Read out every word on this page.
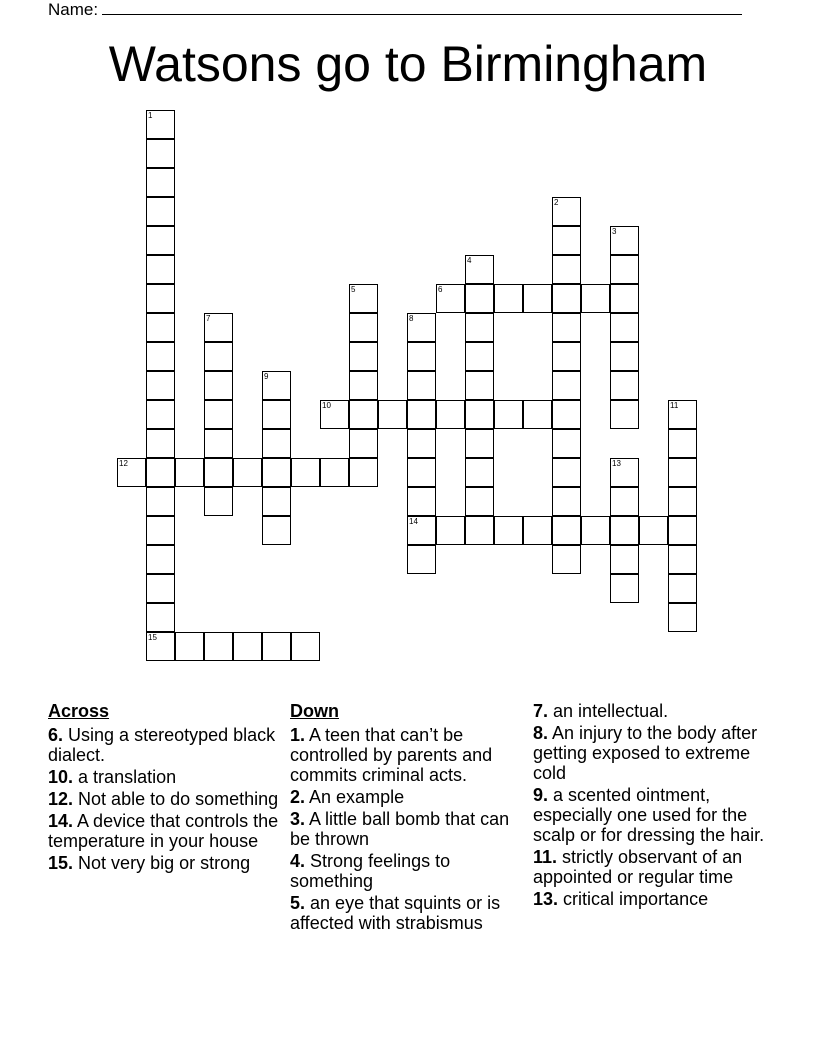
Name:
Watsons go to Birmingham
1
15
2
3
4
5	6
7	8
14
9
10	11
12	13
Across
6. Using a stereotyped black dialect.
10. a translation
12. Not able to do something
14. A device that controls the temperature in your house
15. Not very big or strong
Down
1. A teen that can’t be controlled by parents and commits criminal acts.
2. An example
3. A little ball bomb that can be thrown
4. Strong feelings to something
5. an eye that squints or is affected with strabismus
7. an intellectual.
8. An injury to the body after getting exposed to extreme cold
9. a scented ointment, especially one used for the scalp or for dressing the hair.
11. strictly observant of an appointed or regular time
13. critical importance
